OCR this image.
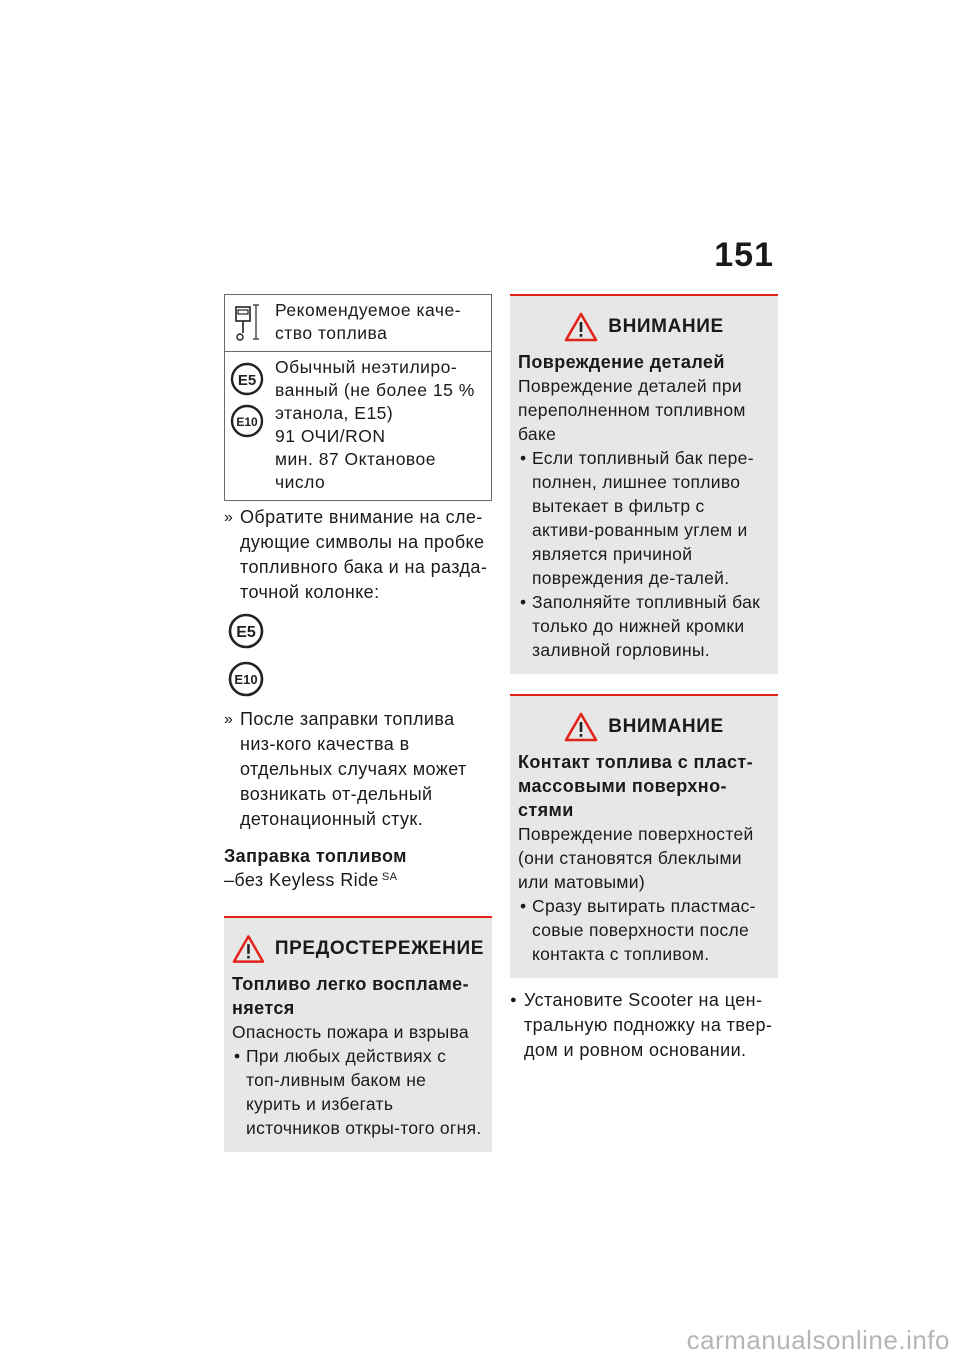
151
Рекомендуемое каче-ство топлива
E5
E10
Обычный неэтилиро-
ванный (не более 15 %
этанола, E15)
91 ОЧИ/RON
мин. 87 Октановое
число
» Обратите внимание на сле-дующие символы на пробке топливного бака и на разда-точной колонке:
E5
E10
» После заправки топлива низ-кого качества в отдельных случаях может возникать от-дельный детонационный стук.
Заправка топливом
–без Keyless Ride $^{SA}$
ПРЕДОСТЕРЕЖЕНИЕ
Топливо легко воспламе-няется
Опасность пожара и взрыва
• При любых действиях с топ-ливным баком не курить и избегать источников откры-того огня.
ВНИМАНИЕ
Повреждение деталей
Повреждение деталей при переполненном топливном баке
• Если топливный бак пере-полнен, лишнее топливо вытекает в фильтр с активи-рованным углем и является причиной повреждения де-талей.
• Заполняйте топливный бак только до нижней кромки заливной горловины.
ВНИМАНИЕ
Контакт топлива с пласт-массовыми поверхно-стями
Повреждение поверхностей (они становятся блеклыми или матовыми)
• Сразу вытирать пластмас-совые поверхности после контакта с топливом.
● Установите Scooter на цен-тральную подножку на твер-дом и ровном основании.
carmanualsonline.info
